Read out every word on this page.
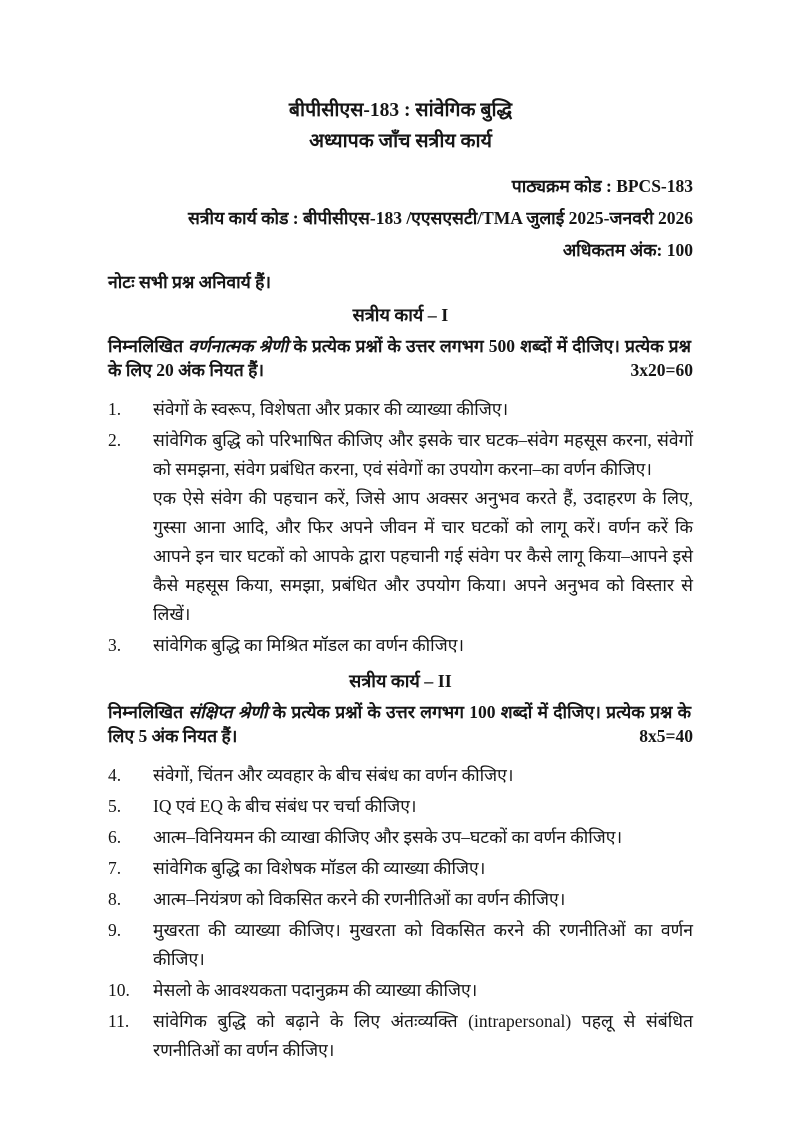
बीपीसीएस-183 : सांवेगिक बुद्धि
अध्यापक जाँच सत्रीय कार्य

पाठ्यक्रम कोड : BPCS-183

सत्रीय कार्य कोड : बीपीसीएस-183 /एएसएसटी/TMA जुलाई 2025-जनवरी 2026

अधिकतम अंक: 100

नोटः सभी प्रश्न अनिवार्य हैं।

सत्रीय कार्य – I
निम्नलिखित वर्णनात्मक श्रेणी के प्रत्येक प्रश्नों के उत्तर लगभग 500 शब्दों में दीजिए। प्रत्येक प्रश्न के लिए 20 अंक नियत हैं।	3x20=60
1.	संवेगों के स्वरूप, विशेषता और प्रकार की व्याख्या कीजिए।

2.	सांवेगिक बुद्धि को परिभाषित कीजिए और इसके चार घटक–संवेग महसूस करना, संवेगों को समझना, संवेग प्रबंधित करना, एवं संवेगों का उपयोग करना–का वर्णन कीजिए।

एक ऐसे संवेग की पहचान करें, जिसे आप अक्सर अनुभव करते हैं, उदाहरण के लिए, गुस्सा आना आदि, और फिर अपने जीवन में चार घटकों को लागू करें। वर्णन करें कि आपने इन चार घटकों को आपके द्वारा पहचानी गई संवेग पर कैसे लागू किया–आपने इसे कैसे महसूस किया, समझा, प्रबंधित और उपयोग किया। अपने अनुभव को विस्तार से लिखें।

3.	सांवेगिक बुद्धि का मिश्रित मॉडल का वर्णन कीजिए।

सत्रीय कार्य – II
निम्नलिखित संक्षिप्त श्रेणी के प्रत्येक प्रश्नों के उत्तर लगभग 100 शब्दों में दीजिए। प्रत्येक प्रश्न के लिए 5 अंक नियत हैं।	8x5=40
4.	संवेगों, चिंतन और व्यवहार के बीच संबंध का वर्णन कीजिए।

5.	IQ एवं EQ के बीच संबंध पर चर्चा कीजिए।

6.	आत्म–विनियमन की व्याखा कीजिए और इसके उप–घटकों का वर्णन कीजिए।

7.	सांवेगिक बुद्धि का विशेषक मॉडल की व्याख्या कीजिए।

8.	आत्म–नियंत्रण को विकसित करने की रणनीतिओं का वर्णन कीजिए।

9.	मुखरता की व्याख्या कीजिए। मुखरता को विकसित करने की रणनीतिओं का वर्णन कीजिए।

10.	मेसलो के आवश्यकता पदानुक्रम की व्याख्या कीजिए।

11.	सांवेगिक बुद्धि को बढ़ाने के लिए अंतःव्यक्ति (intrapersonal) पहलू से संबंधित रणनीतिओं का वर्णन कीजिए।
